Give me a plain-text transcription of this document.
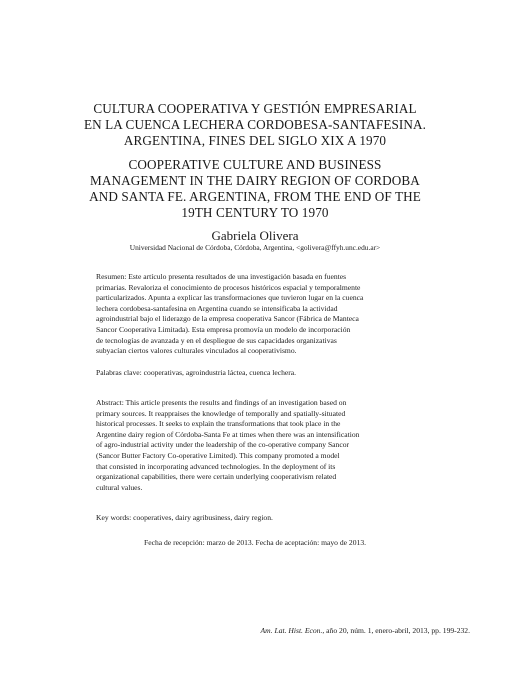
CULTURA COOPERATIVA Y GESTIÓN EMPRESARIAL
EN LA CUENCA LECHERA CORDOBESA-SANTAFESINA.
ARGENTINA, FINES DEL SIGLO XIX A 1970
COOPERATIVE CULTURE AND BUSINESS
MANAGEMENT IN THE DAIRY REGION OF CORDOBA
AND SANTA FE. ARGENTINA, FROM THE END OF THE
19TH CENTURY TO 1970
Gabriela Olivera
Universidad Nacional de Córdoba, Córdoba, Argentina, <golivera@ffyh.unc.edu.ar>
Resumen: Este artículo presenta resultados de una investigación basada en fuentes
primarias. Revaloriza el conocimiento de procesos históricos espacial y temporalmente
particularizados. Apunta a explicar las transformaciones que tuvieron lugar en la cuenca
lechera cordobesa-santafesina en Argentina cuando se intensificaba la actividad
agroindustrial bajo el liderazgo de la empresa cooperativa Sancor (Fábrica de Manteca
Sancor Cooperativa Limitada). Esta empresa promovía un modelo de incorporación
de tecnologías de avanzada y en el despliegue de sus capacidades organizativas
subyacían ciertos valores culturales vinculados al cooperativismo.
Palabras clave: cooperativas, agroindustria láctea, cuenca lechera.
Abstract: This article presents the results and findings of an investigation based on
primary sources. It reappraises the knowledge of temporally and spatially-situated
historical processes. It seeks to explain the transformations that took place in the
Argentine dairy region of Córdoba-Santa Fe at times when there was an intensification
of agro-industrial activity under the leadership of the co-operative company Sancor
(Sancor Butter Factory Co-operative Limited). This company promoted a model
that consisted in incorporating advanced technologies. In the deployment of its
organizational capabilities, there were certain underlying cooperativism related
cultural values.
Key words: cooperatives, dairy agribusiness, dairy region.
Fecha de recepción: marzo de 2013. Fecha de aceptación: mayo de 2013.
Am. Lat. Hist. Econ., año 20, núm. 1, enero-abril, 2013, pp. 199-232.
